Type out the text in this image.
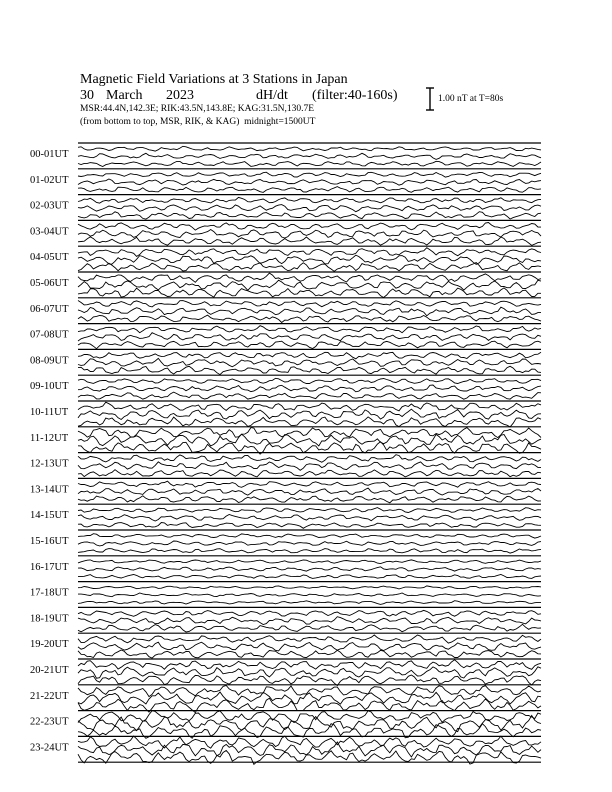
Magnetic Field Variations at 3 Stations in Japan
30 March 2023	dH/dt (filter:40-160s)
MSR:44.4N,142.3E; RIK:43.5N,143.8E; KAG:31.5N,130.7E
(from bottom to top, MSR, RIK, & KAG) midnight=1500UT
1.00 nT at T=80s
00-01UT
01-02UT
02-03UT
03-04UT
04-05UT
05-06UT
06-07UT
07-08UT
08-09UT
09-10UT
10-11UT
11-12UT
12-13UT
13-14UT
14-15UT
15-16UT
16-17UT
17-18UT
18-19UT
19-20UT
20-21UT
21-22UT
22-23UT
23-24UT
